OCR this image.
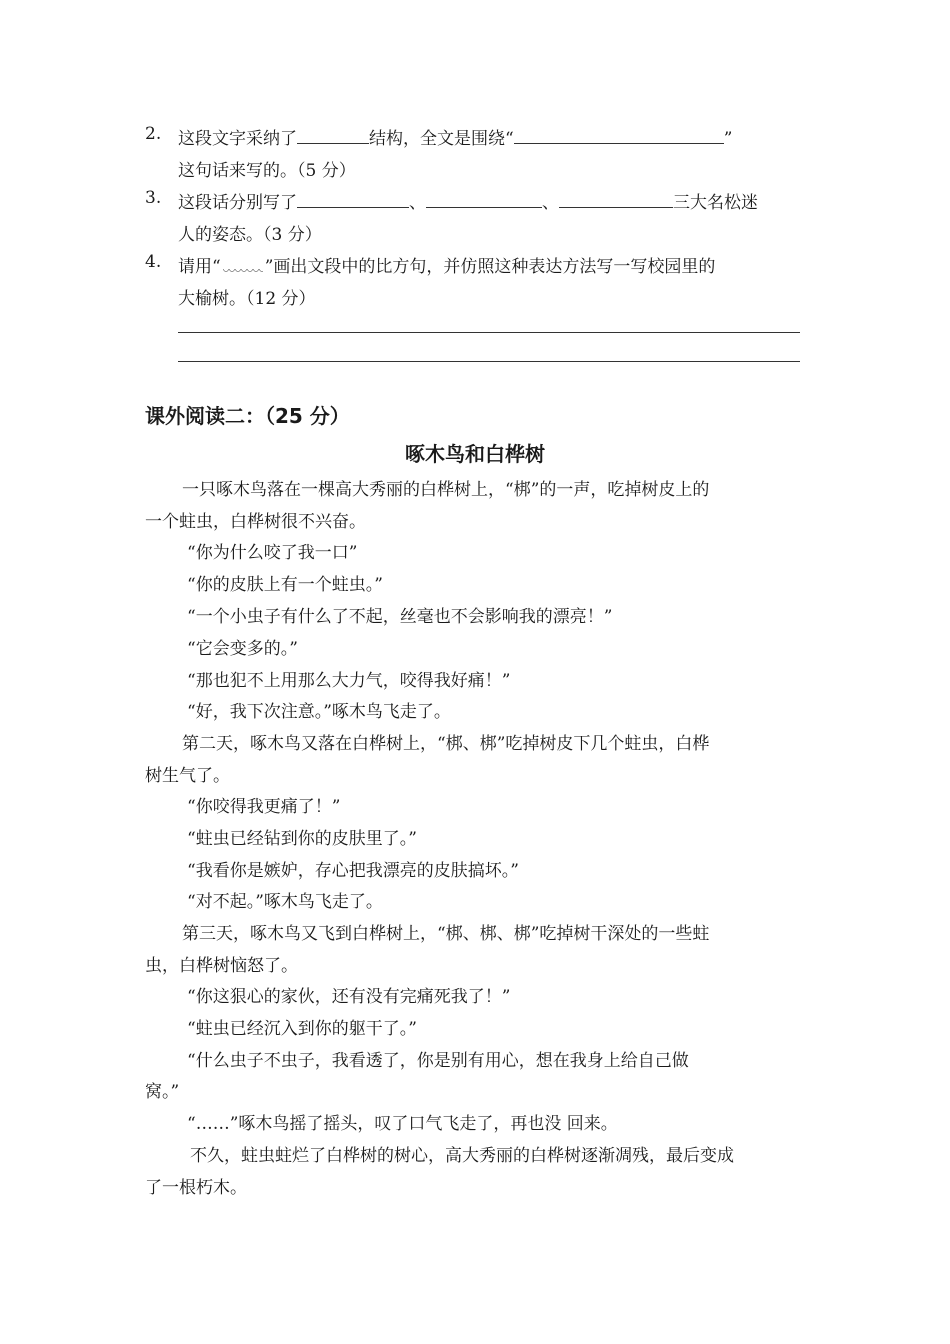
2. 这段文字采纳了	结构，全文是围绕“	”
这句话来写的。（5 分）
3. 这段话分别写了	、	、	三大名松迷
人的姿态。（3 分）
4. 请用“	”画出文段中的比方句，并仿照这种表达方法写一写校园里的
大榆树。（12 分）
课外阅读二：（25 分）
啄木鸟和白桦树
一只啄木鸟落在一棵高大秀丽的白桦树上，“梆”的一声，吃掉树皮上的
一个蛀虫，白桦树很不兴奋。
“你为什么咬了我一口”
“你的皮肤上有一个蛀虫。”
“一个小虫子有什么了不起，丝毫也不会影响我的漂亮！”
“它会变多的。”
“那也犯不上用那么大力气，咬得我好痛！”
“好，我下次注意。”啄木鸟飞走了。
第二天，啄木鸟又落在白桦树上，“梆、梆”吃掉树皮下几个蛀虫，白桦
树生气了。
“你咬得我更痛了！”
“蛀虫已经钻到你的皮肤里了。”
“我看你是嫉妒，存心把我漂亮的皮肤搞坏。”
“对不起。”啄木鸟飞走了。
第三天，啄木鸟又飞到白桦树上，“梆、梆、梆”吃掉树干深处的一些蛀
虫，白桦树恼怒了。
“你这狠心的家伙，还有没有完痛死我了！”
“蛀虫已经沉入到你的躯干了。”
“什么虫子不虫子，我看透了，你是别有用心，想在我身上给自己做
窝。”
“……”啄木鸟摇了摇头，叹了口气飞走了，再也没 回来。
不久，蛀虫蛀烂了白桦树的树心，高大秀丽的白桦树逐渐凋残，最后变成
了一根朽木。
